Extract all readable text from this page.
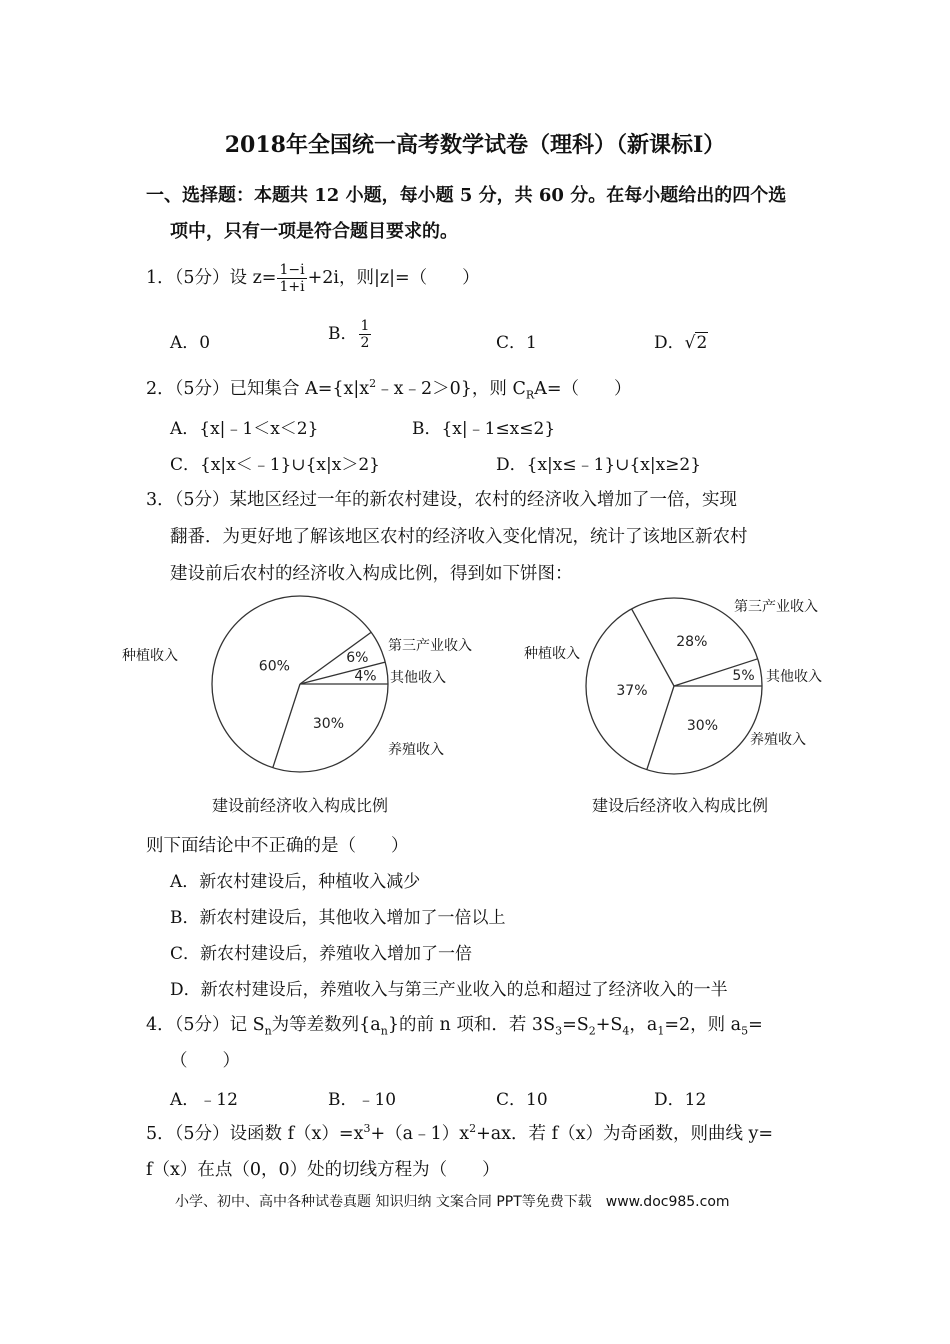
2018年全国统一高考数学试卷（理科）（新课标I）
一、选择题：本题共 12 小题，每小题 5 分，共 60 分。在每小题给出的四个选
项中，只有一项是符合题目要求的。
1．（5分）设 $z= \frac{1-i}{1+i} +2i$，则|z|=（　　）
A．0	B． $\frac{1}{2}$	C．1	D．√2
2．（5分）已知集合 $A=\{x|x^2﹣x﹣2>0\}$，则 $C_RA=$（　　）
A．{x|﹣1＜x＜2}	B．{x|﹣1≤x≤2}
C．{x|x＜﹣1}∪{x|x＞2}	D．{x|x≤﹣1}∪{x|x≥2}
3．（5分）某地区经过一年的新农村建设，农村的经济收入增加了一倍，实现
翻番．为更好地了解该地区农村的经济收入变化情况，统计了该地区新农村
建设前后农村的经济收入构成比例，得到如下饼图：
60%
种植收入	6%
第三产业收入
4% 其他收入
30%
养殖收入
37%
种植收入
28%
第三产业收入
5% 其他收入
30%
养殖收入
建设前经济收入构成比例	建设后经济收入构成比例
则下面结论中不正确的是（　　）
A．新农村建设后，种植收入减少
B．新农村建设后，其他收入增加了一倍以上
C．新农村建设后，养殖收入增加了一倍
D．新农村建设后，养殖收入与第三产业收入的总和超过了经济收入的一半
4．（5分）记 $S_n$为等差数列$\{a_n\}$的前 n 项和．若 $3S_3=S_2+S_4$，$a_1=2$，则 $a_5=$
（　　）
A．﹣12	B．﹣10	C．10	D．12
5．（5分）设函数 $f(x)=x^3+(a﹣1)x^2+ax$．若 f（x）为奇函数，则曲线 y=
f（x）在点（0，0）处的切线方程为（　　）
小学、初中、高中各种试卷真题 知识归纳 文案合同 PPT等免费下载　www.doc985.com
